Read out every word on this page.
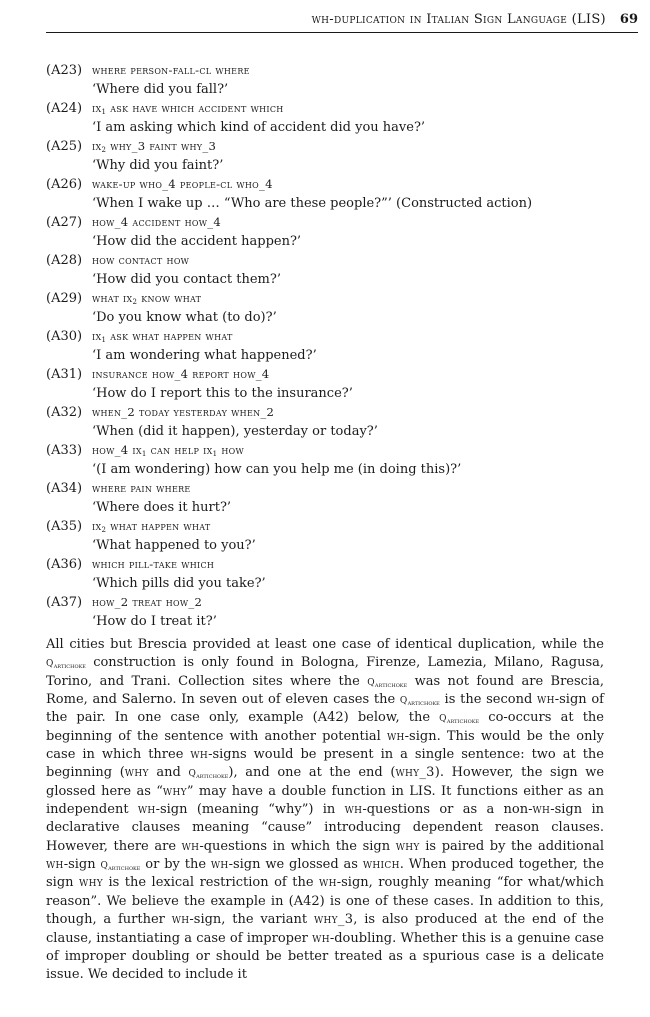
wh-duplication in Italian Sign Language (LIS) 69
(A23) where person-fall-cl where
‘Where did you fall?’
(A24) $ix_1$ ask have which accident which
‘I am asking which kind of accident did you have?’
(A25) $ix_2$ why_3 faint why_3
‘Why did you faint?’
(A26) wake-up who_4 people-cl who_4
‘When I wake up … “Who are these people?”’ (Constructed action)
(A27) how_4 accident how_4
‘How did the accident happen?’
(A28) how contact how
‘How did you contact them?’
(A29) what $ix_2$ know what
‘Do you know what (to do)?’
(A30) $ix_1$ ask what happen what
‘I am wondering what happened?’
(A31) insurance how_4 report how_4
‘How do I report this to the insurance?’
(A32) when_2 today yesterday when_2
‘When (did it happen), yesterday or today?’
(A33) how_4 $ix_1$ can help $ix_1$ how
‘(I am wondering) how can you help me (in doing this)?’
(A34) where pain where
‘Where does it hurt?’
(A35) $ix_2$ what happen what
‘What happened to you?’
(A36) which pill-take which
‘Which pills did you take?’
(A37) how_2 treat how_2
‘How do I treat it?’

All cities but Brescia provided at least one case of identical duplication, while the $q_{artichoke}$ construction is only found in Bologna, Firenze, Lamezia, Milano, Ragusa, Torino, and Trani. Collection sites where the $q_{artichoke}$ was not found are Brescia, Rome, and Salerno. In seven out of eleven cases the $q_{artichoke}$ is the second wh-sign of the pair. In one case only, example (A42) below, the $q_{artichoke}$ co-occurs at the beginning of the sentence with another potential wh-sign. This would be the only case in which three wh-signs would be present in a single sentence: two at the beginning (why and $q_{artichoke}$), and one at the end (why_3). However, the sign we glossed here as “why” may have a double function in LIS. It functions either as an independent wh-sign (meaning “why”) in wh-questions or as a non-wh-sign in declarative clauses meaning “cause” introducing dependent reason clauses. However, there are wh-questions in which the sign why is paired by the additional wh-sign $q_{artichoke}$ or by the wh-sign we glossed as which. When produced together, the sign why is the lexical restriction of the wh-sign, roughly meaning “for what/which reason”. We believe the example in (A42) is one of these cases. In addition to this, though, a further wh-sign, the variant why_3, is also produced at the end of the clause, instantiating a case of improper wh-doubling. Whether this is a genuine case of improper doubling or should be better treated as a spurious case is a delicate issue. We decided to include it
